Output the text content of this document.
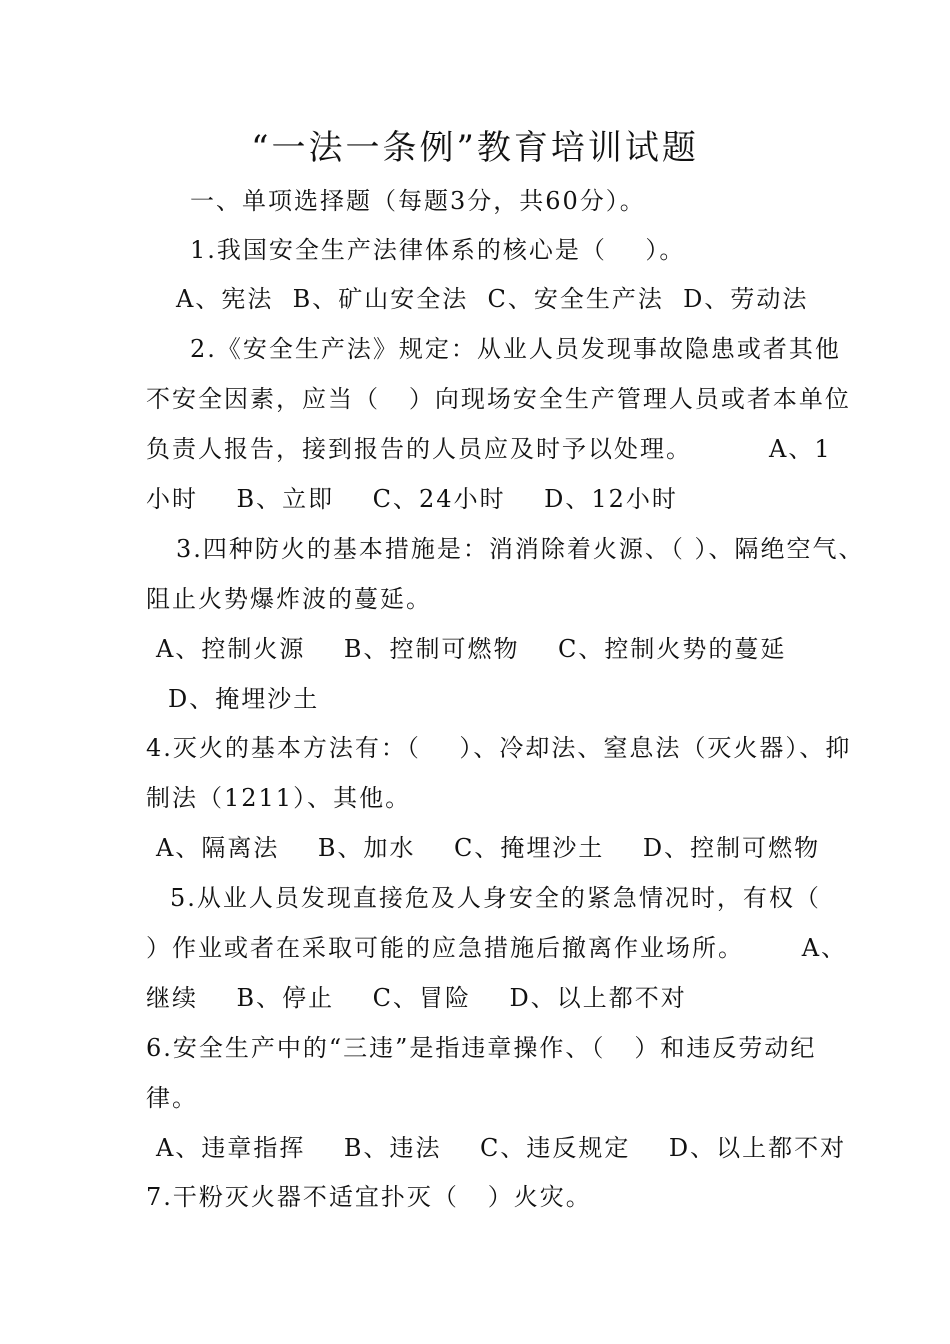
“一法一条例”教育培训试题
一、单项选择题（每题3分，共60分）。
1.我国安全生产法律体系的核心是（    ）。
A、宪法  B、矿山安全法  C、安全生产法  D、劳动法
2.《安全生产法》规定：从业人员发现事故隐患或者其他
不安全因素，应当（   ）向现场安全生产管理人员或者本单位
负责人报告，接到报告的人员应及时予以处理。        A、1
小时    B、立即    C、24小时    D、12小时
3.四种防火的基本措施是：消消除着火源、（ ）、隔绝空气、
阻止火势爆炸波的蔓延。
A、控制火源    B、控制可燃物    C、控制火势的蔓延
D、掩埋沙土
4.灭火的基本方法有：（    ）、冷却法、窒息法（灭火器）、抑
制法（1211）、其他。
A、隔离法    B、加水    C、掩埋沙土    D、控制可燃物
5.从业人员发现直接危及人身安全的紧急情况时，有权（
）作业或者在采取可能的应急措施后撤离作业场所。      A、
继续    B、停止    C、冒险    D、以上都不对
6.安全生产中的“三违”是指违章操作、（   ）和违反劳动纪
律。
A、违章指挥    B、违法    C、违反规定    D、以上都不对
7.干粉灭火器不适宜扑灭（   ）火灾。
